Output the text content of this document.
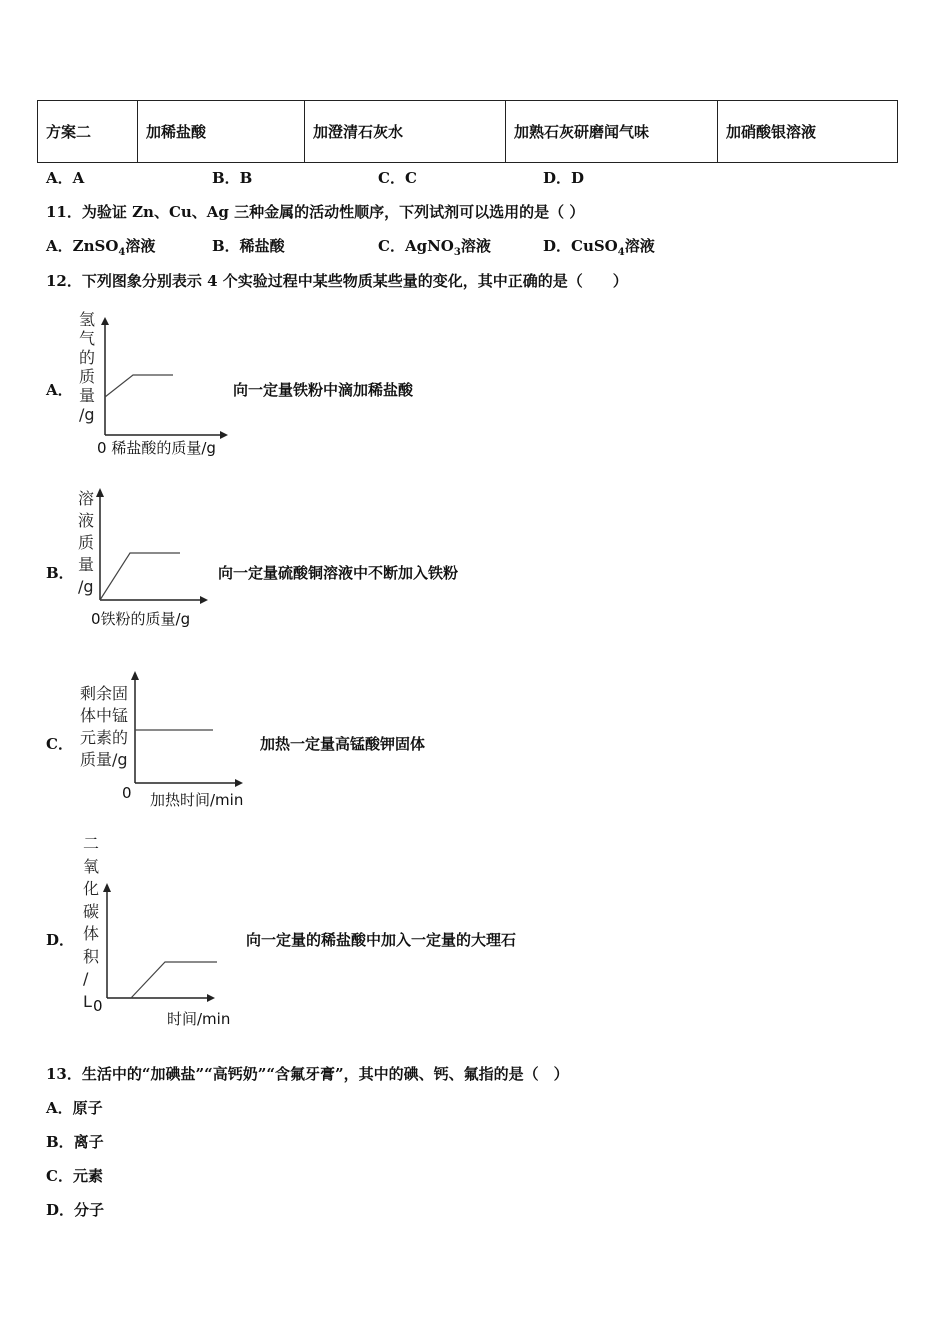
方案二	加稀盐酸	加澄清石灰水	加熟石灰研磨闻气味	加硝酸银溶液
A．A	B．B	C．C	D．D
11．为验证 Zn、Cu、Ag 三种金属的活动性顺序，下列试剂可以选用的是（ ）
A．ZnSO$_4$溶液	B．稀盐酸	C．AgNO$_3$溶液	D．CuSO$_4$溶液
12．下列图象分别表示 4 个实验过程中某些物质某些量的变化，其中正确的是（　　）
A．
氢
气
的
质
量
/g
0 稀盐酸的质量/g
向一定量铁粉中滴加稀盐酸
B．
溶
液
质
量
/g
0铁粉的质量/g
向一定量硫酸铜溶液中不断加入铁粉
C．
剩余固
体中锰
元素的
质量/g
0 加热时间/min
加热一定量高锰酸钾固体
D．
二
氧
化
碳
体
积
/
L 0
时间/min
向一定量的稀盐酸中加入一定量的大理石
13．生活中的“加碘盐”“高钙奶”“含氟牙膏”，其中的碘、钙、氟指的是（　）
A．原子
B．离子
C．元素
D．分子
